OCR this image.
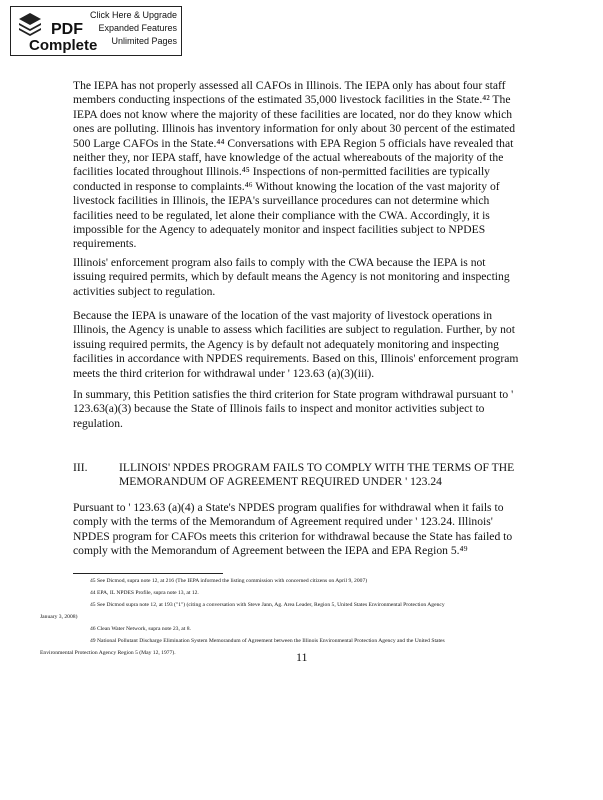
PDF
Complete
Click Here & Upgrade
Expanded Features
Unlimited Pages
The IEPA has not properly assessed all CAFOs in Illinois. The IEPA only has about four staff
members conducting inspections of the estimated 35,000 livestock facilities in the State.⁴² The
IEPA does not know where the majority of these facilities are located, nor do they know which
ones are polluting. Illinois has inventory information for only about 30 percent of the estimated
500 Large CAFOs in the State.⁴⁴ Conversations with EPA Region 5 officials have revealed that
neither they, nor IEPA staff, have knowledge of the actual whereabouts of the majority of the
facilities located throughout Illinois.⁴⁵ Inspections of non-permitted facilities are typically
conducted in response to complaints.⁴⁶ Without knowing the location of the vast majority of
livestock facilities in Illinois, the IEPA's surveillance procedures can not determine which
facilities need to be regulated, let alone their compliance with the CWA. Accordingly, it is
impossible for the Agency to adequately monitor and inspect facilities subject to NPDES
requirements.
Illinois' enforcement program also fails to comply with the CWA because the IEPA is not
issuing required permits, which by default means the Agency is not monitoring and inspecting
activities subject to regulation.
Because the IEPA is unaware of the location of the vast majority of livestock operations in
Illinois, the Agency is unable to assess which facilities are subject to regulation. Further, by not
issuing required permits, the Agency is by default not adequately monitoring and inspecting
facilities in accordance with NPDES requirements. Based on this, Illinois' enforcement program
meets the third criterion for withdrawal under ' 123.63 (a)(3)(iii).
In summary, this Petition satisfies the third criterion for State program withdrawal pursuant to '
123.63(a)(3) because the State of Illinois fails to inspect and monitor activities subject to
regulation.
III.	ILLINOIS' NPDES PROGRAM FAILS TO COMPLY WITH THE TERMS OF THE
MEMORANDUM OF AGREEMENT REQUIRED UNDER ' 123.24
Pursuant to ' 123.63 (a)(4) a State's NPDES program qualifies for withdrawal when it fails to
comply with the terms of the Memorandum of Agreement required under ' 123.24. Illinois'
NPDES program for CAFOs meets this criterion for withdrawal because the State has failed to
comply with the Memorandum of Agreement between the IEPA and EPA Region 5.⁴⁹
45 See Dicmod, supra note 12, at 216 (The IEPA informed the listing commission with concerned citizens on April 9, 2007)
44 EPA, IL NPDES Profile, supra note 13, at 12.
45 See Dicmod supra note 12, at 193 ("1") (citing a conversation with Steve Jann, Ag. Area Leader, Region 5, United States Environmental Protection Agency
January 3, 2008)
46 Clean Water Network, supra note 23, at 8.
49 National Pollutant Discharge Elimination System Memorandum of Agreement between the Illinois Environmental Protection Agency and the United States
Environmental Protection Agency Region 5 (May 12, 1977).	11
